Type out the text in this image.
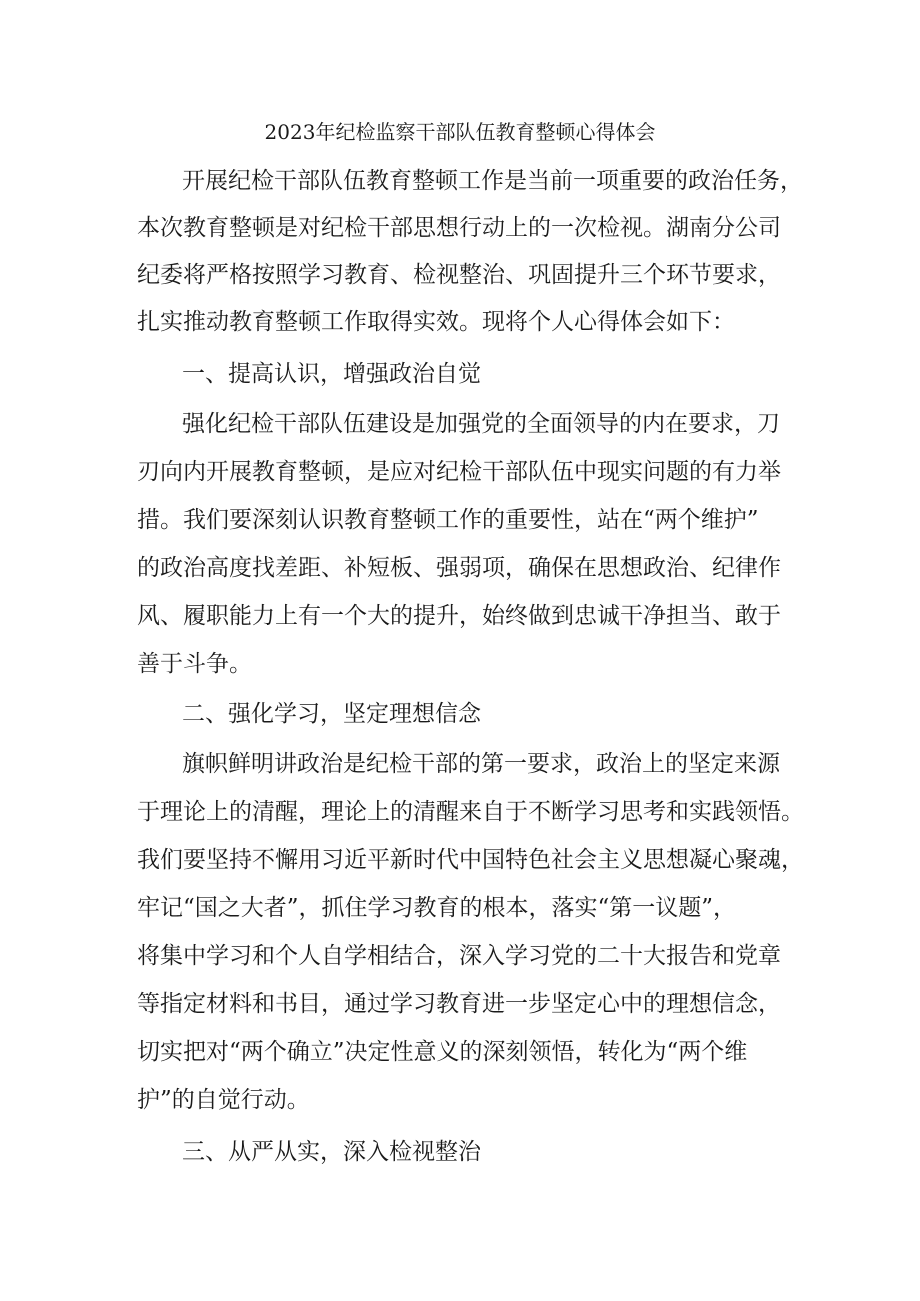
2023年纪检监察干部队伍教育整顿心得体会
开展纪检干部队伍教育整顿工作是当前一项重要的政治任务，
本次教育整顿是对纪检干部思想行动上的一次检视。湖南分公司
纪委将严格按照学习教育、检视整治、巩固提升三个环节要求，
扎实推动教育整顿工作取得实效。现将个人心得体会如下：
一、提高认识，增强政治自觉
强化纪检干部队伍建设是加强党的全面领导的内在要求，刀
刃向内开展教育整顿，是应对纪检干部队伍中现实问题的有力举
措。我们要深刻认识教育整顿工作的重要性，站在“两个维护”
的政治高度找差距、补短板、强弱项，确保在思想政治、纪律作
风、履职能力上有一个大的提升，始终做到忠诚干净担当、敢于
善于斗争。
二、强化学习，坚定理想信念
旗帜鲜明讲政治是纪检干部的第一要求，政治上的坚定来源
于理论上的清醒，理论上的清醒来自于不断学习思考和实践领悟。
我们要坚持不懈用习近平新时代中国特色社会主义思想凝心聚魂，
牢记“国之大者”，抓住学习教育的根本，落实“第一议题”，
将集中学习和个人自学相结合，深入学习党的二十大报告和党章
等指定材料和书目，通过学习教育进一步坚定心中的理想信念，
切实把对“两个确立”决定性意义的深刻领悟，转化为“两个维
护”的自觉行动。
三、从严从实，深入检视整治
